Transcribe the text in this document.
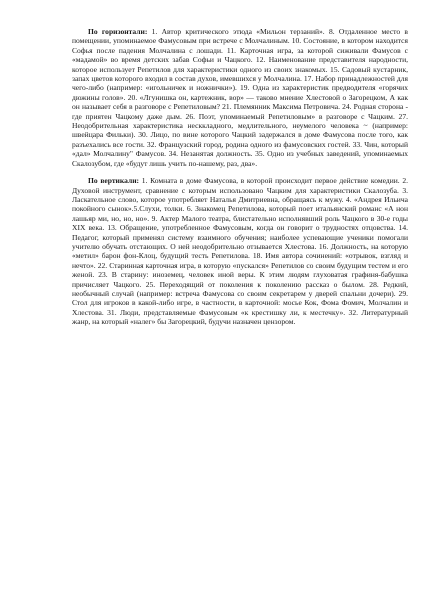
По горизонтали: 1. Автор критического этюда «Мильон терзаний». 8. Отдаленное место в помещении, упоминаемое Фамусовым при встрече с Молчалиным. 10. Состояние, в котором находится Софья после падения Молчалина с лошади. 11. Карточная игра, за которой сиживали Фамусов с «мадамой» во время детских забав Софьи и Чацкого. 12. Наименование представителя народности, которое использует Репетилов для характеристики одного из своих знакомых. 15. Садовый кустарник, запах цветов которого входил в состав духов, имевшихся у Молчалина. 17. Набор принадлежностей для чего-либо (например: «игольничек и ножнички»). 19. Одна из характеристик предводителя «горячих дюжины голов». 20. «Лгунишка он, картежник, вор» — таково мнение Хлестовой о Загорецком, А как он называет себя в разговоре с Репетиловым? 21. Племянник Максима Петровича. 24. Родная сторона - где приятен Чацкому даже дым. 26. Поэт, упоминаемый Репетиловым» в разговоре с Чацким. 27. Неодобрительная характеристика несккладного, медлительного, неумелого человека ~ (например: швейцара Фильки). 30. Лицо, по вине которого Чацкий задержался в доме Фамусова после того, как разъехались все гости. 32. Французский город, родина одного из фамусовских гостей. 33. Чин, который «дал» Молчалину" Фамусов. 34. Незанятая должность. 35. Одно из учебных заведений, упоминаемых Скалозубом, где «будут лишь учить по-нашему, раз, два».

По вертикали: 1. Комната в доме Фамусова, в которой происходит первое действие комедии. 2. Духовой инструмент, сравнение с которым использовано Чацким для характеристики Скалозуба. 3. Ласкательное слово, которое употребляет Наталья Дмитриевна, обращаясь к мужу. 4. «Андрея Ильича покойного сынок».5.Слухи, толки. 6. Знакомец Репетилова, который поет итальянский романс «А нон лашьяр ми, но, но, но». 9. Актер Малого театра, блистательно исполнявший роль Чацкого в 30-е годы XIX века. 13. Обращение, употребленное Фамусовым, когда он говорит о трудностях отцовства. 14. Педагог, который применял систему взаимного обучения; наиболее успевающие ученики помогали учителю обучать отстающих. О ней неодобрительно отзывается Хлестова. 16. Должность, на которую «метил» барон фон-Клоц, будущий тесть Репетилова. 18. Имя автора сочинений: «отрывок, взгляд и нечто». 22. Старинная карточная игра, в которую «пускался» Репетилов со своим будущим тестем и его женой. 23. В старину: иноземец, человек иной веры. К этим людям глуховатая графиня-бабушка причисляет Чацкого. 25. Переходящий от поколения к поколению рассказ о былом. 28. Редкий, необычный случай (например: встреча Фамусова со своим секретарем у дверей спальни дочери). 29. Стол для игроков в какой-либо игре, в частности, в карточной: мосье Кок, Фома Фомич, Молчалин и Хлестова. 31. Люди, представляемые Фамусовым «к крестишку ли, к местечку». 32. Литературный жанр, на который «налег» бы Загорецкий, будучи назначен цензором.
